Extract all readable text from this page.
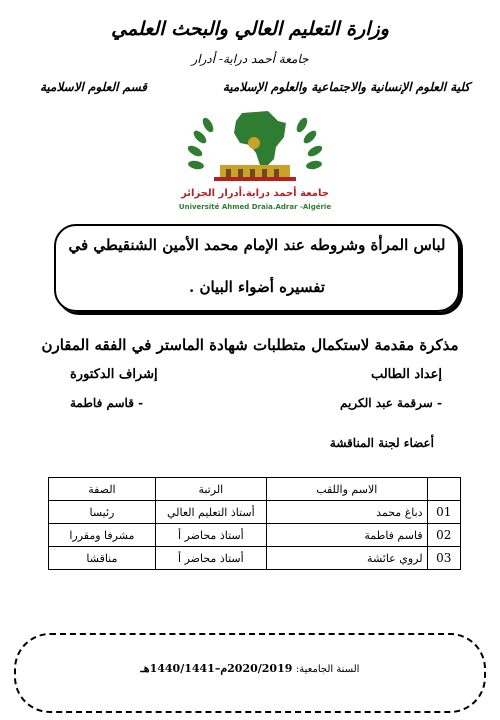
وزارة التعليم العالي والبحث العلمي
جامعة أحمد دراية- أدرار
كلية العلوم الإنسانية والاجتماعية والعلوم الإسلامية
قسم العلوم الاسلامية
جامعة أحمد دراية.أدرار الجزائر
Université Ahmed Draia.Adrar -Algérie
لباس المرأة وشروطه عند الإمام محمد الأمين الشنقيطي في
تفسيره أضواء البيان .
مذكرة مقدمة لاستكمال متطلبات شهادة الماستر في الفقه المقارن
إعداد الطالب
إشراف الدكتورة
- سرقمة عبد الكريم
- قاسم فاطمة
أعضاء لجنة المناقشة
	الاسم واللقب	الرتبة	الصفة
01	دباغ محمد	أستاذ التعليم العالي	رئيسا
02	قاسم فاطمة	أستاذ محاضر أ	مشرفا ومقررا
03	لروي عائشة	أستاذ محاضر أ	مناقشا
السنة الجامعية: 2020/2019م–1440/1441هـ
